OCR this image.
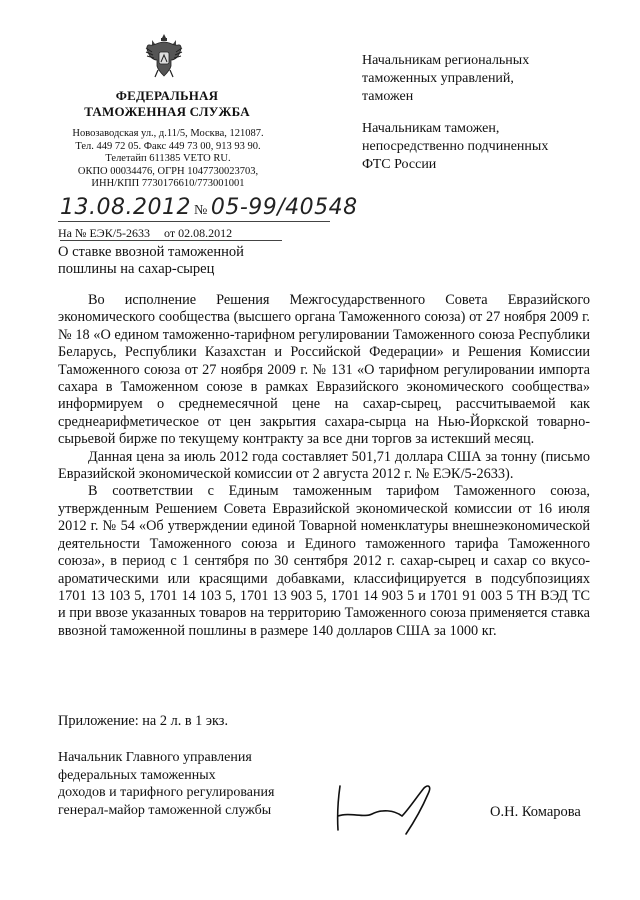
ФЕДЕРАЛЬНАЯ
ТАМОЖЕННАЯ СЛУЖБА
Новозаводская ул., д.11/5, Москва, 121087.
Тел. 449 72 05. Факс 449 73 00, 913 93 90.
Телетайп 611385 VETO RU.
ОКПО 00034476, ОГРН 1047730023703,
ИНН/КПП 7730176610/773001001
Начальникам региональных
таможенных управлений,
таможен
Начальникам таможен,
непосредственно подчиненных
ФТС России
13.08.2012 № 05-99/40548
На № ЕЭК/5-2633 от 02.08.2012
О ставке ввозной таможенной
пошлины на сахар-сырец

Во исполнение Решения Межгосударственного Совета Евразийского экономического сообщества (высшего органа Таможенного союза) от 27 ноября 2009 г. № 18 «О едином таможенно-тарифном регулировании Таможенного союза Республики Беларусь, Республики Казахстан и Российской Федерации» и Решения Комиссии Таможенного союза от 27 ноября 2009 г. № 131 «О тарифном регулировании импорта сахара в Таможенном союзе в рамках Евразийского экономического сообщества» информируем о среднемесячной цене на сахар-сырец, рассчитываемой как среднеарифметическое от цен закрытия сахара-сырца на Нью-Йоркской товарно-сырьевой бирже по текущему контракту за все дни торгов за истекший месяц.

Данная цена за июль 2012 года составляет 501,71 доллара США за тонну (письмо Евразийской экономической комиссии от 2 августа 2012 г. № ЕЭК/5-2633).

В соответствии с Единым таможенным тарифом Таможенного союза, утвержденным Решением Совета Евразийской экономической комиссии от 16 июля 2012 г. № 54 «Об утверждении единой Товарной номенклатуры внешнеэкономической деятельности Таможенного союза и Единого таможенного тарифа Таможенного союза», в период с 1 сентября по 30 сентября 2012 г. сахар-сырец и сахар со вкусо-ароматическими или красящими добавками, классифицируется в подсубпозициях 1701 13 103 5, 1701 14 103 5, 1701 13 903 5, 1701 14 903 5 и 1701 91 003 5 ТН ВЭД ТС и при ввозе указанных товаров на территорию Таможенного союза применяется ставка ввозной таможенной пошлины в размере 140 долларов США за 1000 кг.

Приложение: на 2 л. в 1 экз.
Начальник Главного управления
федеральных таможенных
доходов и тарифного регулирования
генерал-майор таможенной службы	О.Н. Комарова
